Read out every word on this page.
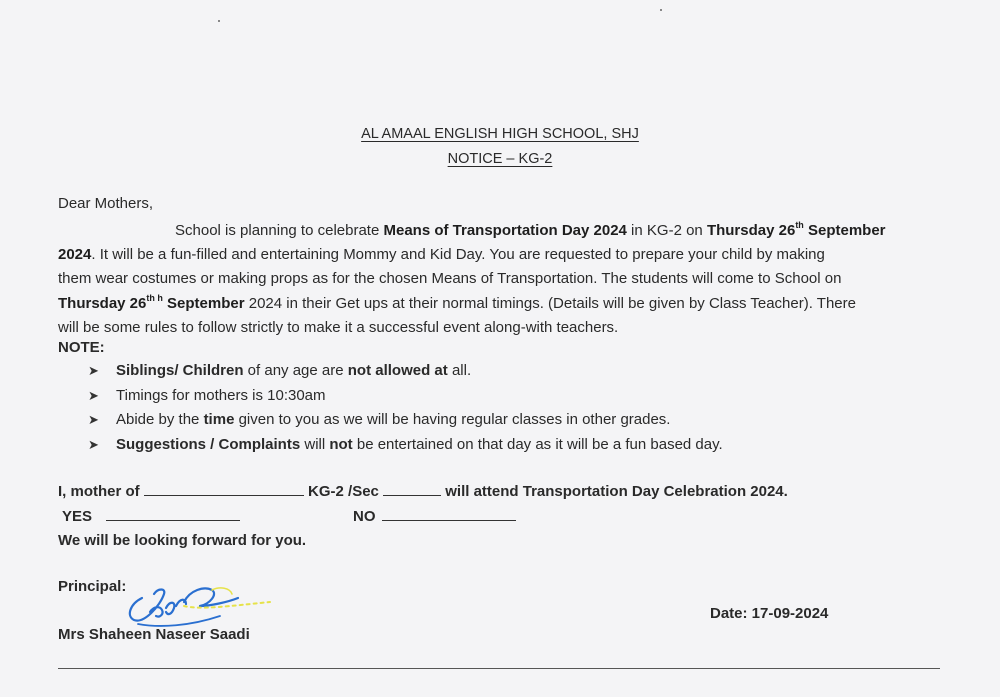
AL AMAAL ENGLISH HIGH SCHOOL, SHJ
NOTICE – KG-2
Dear Mothers,
School is planning to celebrate Means of Transportation Day 2024 in KG-2 on Thursday 26th September
2024. It will be a fun-filled and entertaining Mommy and Kid Day. You are requested to prepare your child by making
them wear costumes or making props as for the chosen Means of Transportation. The students will come to School on
Thursday $26^{th h}$ September 2024 in their Get ups at their normal timings. (Details will be given by Class Teacher). There
will be some rules to follow strictly to make it a successful event along-with teachers.
NOTE:
➤	Siblings/ Children of any age are not allowed at all.
➤	Timings for mothers is 10:30am
➤	Abide by the time given to you as we will be having regular classes in other grades.
➤	Suggestions / Complaints will not be entertained on that day as it will be a fun based day.
I, mother of	KG-2 /Sec	will attend Transportation Day Celebration 2024.
YES	NO
We will be looking forward for you.
Principal:
Mrs Shaheen Naseer Saadi
Date: 17-09-2024
